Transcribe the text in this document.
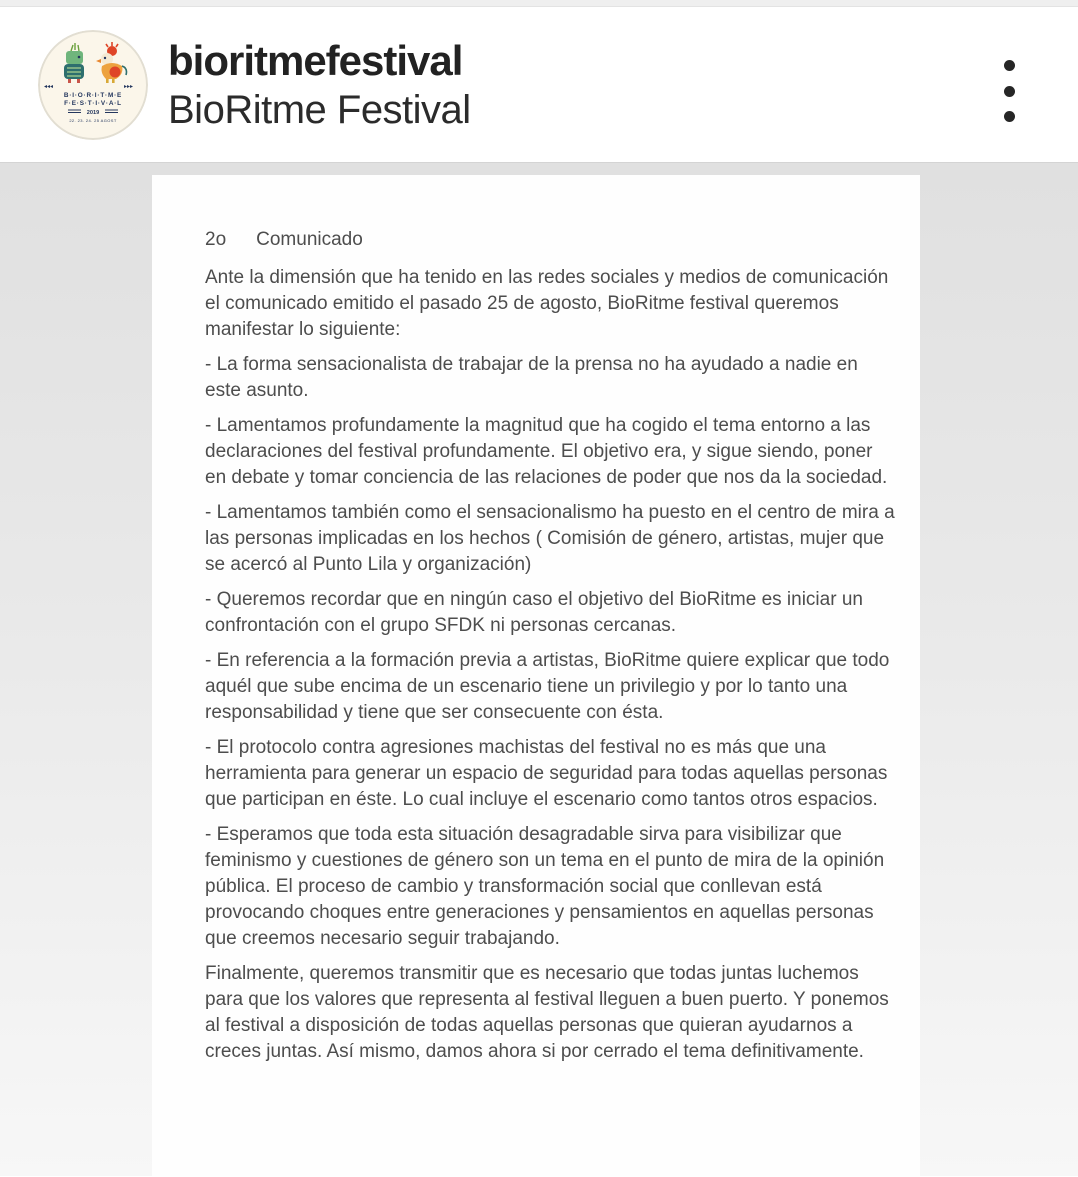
◂◂◂	▸▸▸
B·I·O·R·I·T·M·E
F·E·S·T·I·V·A·L
2019
22. 23. 24. 25 AGOST
bioritmefestival
BioRitme Festival
2o Comunicado

Ante la dimensión que ha tenido en las redes sociales y medios de comunicación el comunicado emitido el pasado 25 de agosto, BioRitme festival queremos manifestar lo siguiente:

- La forma sensacionalista de trabajar de la prensa no ha ayudado a nadie en este asunto.

- Lamentamos profundamente la magnitud que ha cogido el tema entorno a las declaraciones del festival profundamente. El objetivo era, y sigue siendo, poner en debate y tomar conciencia de las relaciones de poder que nos da la sociedad.

- Lamentamos también como el sensacionalismo ha puesto en el centro de mira a las personas implicadas en los hechos ( Comisión de género, artistas, mujer que se acercó al Punto Lila y organización)

- Queremos recordar que en ningún caso el objetivo del BioRitme es iniciar un confrontación con el grupo SFDK ni personas cercanas.

- En referencia a la formación previa a artistas, BioRitme quiere explicar que todo aquél que sube encima de un escenario tiene un privilegio y por lo tanto una responsabilidad y tiene que ser consecuente con ésta.

- El protocolo contra agresiones machistas del festival no es más que una herramienta para generar un espacio de seguridad para todas aquellas personas que participan en éste. Lo cual incluye el escenario como tantos otros espacios.

- Esperamos que toda esta situación desagradable sirva para visibilizar que feminismo y cuestiones de género son un tema en el punto de mira de la opinión pública. El proceso de cambio y transformación social que conllevan está provocando choques entre generaciones y pensamientos en aquellas personas que creemos necesario seguir trabajando.

Finalmente, queremos transmitir que es necesario que todas juntas luchemos para que los valores que representa al festival lleguen a buen puerto. Y ponemos al festival a disposición de todas aquellas personas que quieran ayudarnos a creces juntas. Así mismo, damos ahora si por cerrado el tema definitivamente.
